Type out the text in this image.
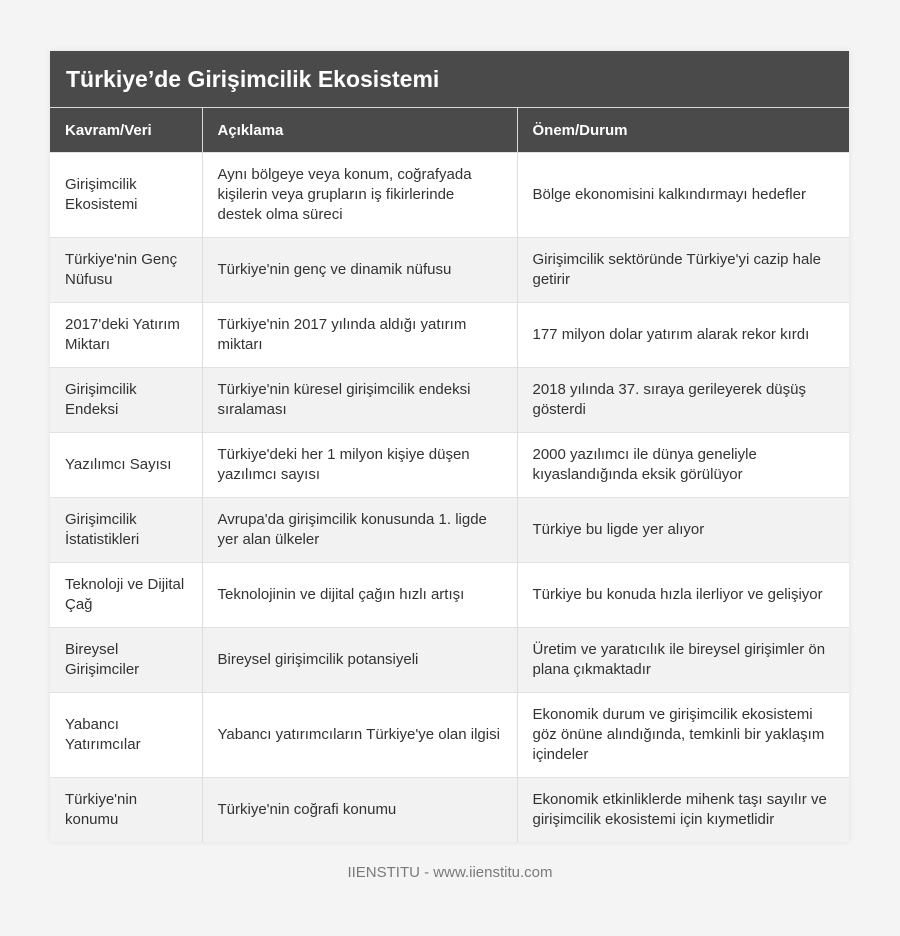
Türkiye’de Girişimcilik Ekosistemi
Kavram/Veri	Açıklama	Önem/Durum
Girişimcilik Ekosistemi	Aynı bölgeye veya konum, coğrafyada kişilerin veya grupların iş fikirlerinde destek olma süreci	Bölge ekonomisini kalkındırmayı hedefler
Türkiye'nin Genç Nüfusu	Türkiye'nin genç ve dinamik nüfusu	Girişimcilik sektöründe Türkiye'yi cazip hale getirir
2017'deki Yatırım Miktarı	Türkiye'nin 2017 yılında aldığı yatırım miktarı	177 milyon dolar yatırım alarak rekor kırdı
Girişimcilik Endeksi	Türkiye'nin küresel girişimcilik endeksi sıralaması	2018 yılında 37. sıraya gerileyerek düşüş gösterdi
Yazılımcı Sayısı	Türkiye'deki her 1 milyon kişiye düşen yazılımcı sayısı	2000 yazılımcı ile dünya geneliyle kıyaslandığında eksik görülüyor
Girişimcilik İstatistikleri	Avrupa'da girişimcilik konusunda 1. ligde yer alan ülkeler	Türkiye bu ligde yer alıyor
Teknoloji ve Dijital Çağ	Teknolojinin ve dijital çağın hızlı artışı	Türkiye bu konuda hızla ilerliyor ve gelişiyor
Bireysel Girişimciler	Bireysel girişimcilik potansiyeli	Üretim ve yaratıcılık ile bireysel girişimler ön plana çıkmaktadır
Yabancı Yatırımcılar	Yabancı yatırımcıların Türkiye'ye olan ilgisi	Ekonomik durum ve girişimcilik ekosistemi göz önüne alındığında, temkinli bir yaklaşım içindeler
Türkiye'nin konumu	Türkiye'nin coğrafi konumu	Ekonomik etkinliklerde mihenk taşı sayılır ve girişimcilik ekosistemi için kıymetlidir
IIENSTITU - www.iienstitu.com
